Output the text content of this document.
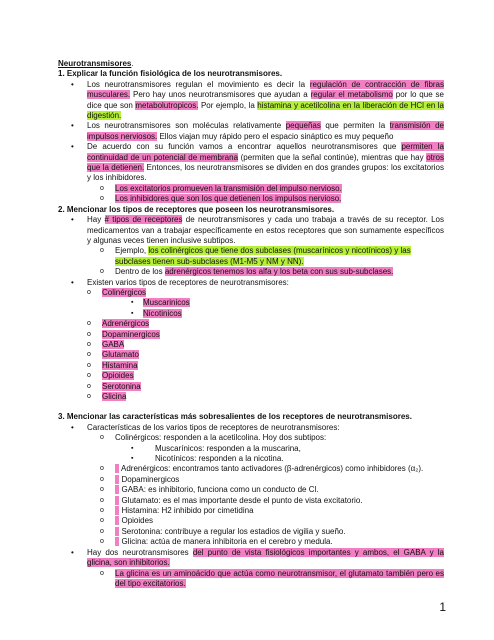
Neurotransmisores.
1. Explicar la función fisiológica de los neurotransmisores.
• Los neurotransmisores regulan el movimiento es decir la regulación de contracción de fibras musculares. Pero hay unos neurotransmisores que ayudan a regular el metabolismo por lo que se dice que son metabolutropicos. Por ejemplo, la histamina y acetilcolina en la liberación de HCl en la digestión.
• Los neurotransmisores son moléculas relativamente pequeñas que permiten la transmisión de impulsos nerviosos. Ellos viajan muy rápido pero el espacio sináptico es muy pequeño
• De acuerdo con su función vamos a encontrar aquellos neurotransmisores que permiten la continuidad de un potencial de membrana (permiten que la señal continúe), mientras que hay otros que la detienen. Entonces, los neurotransmisores se dividen en dos grandes grupos: los excitatorios y los inhibidores.
o Los excitatorios promueven la transmisión del impulso nervioso.
o Los inhibidores que son los que detienen los impulsos nervioso.
2. Mencionar los tipos de receptores que poseen los neurotransmisores.
• Hay # tipos de receptores de neurotransmisores y cada uno trabaja a través de su receptor. Los medicamentos van a trabajar específicamente en estos receptores que son sumamente específicos y algunas veces tienen inclusive subtipos.
o Ejemplo, los colinérgicos que tiene dos subclases (muscarínicos y nicotínicos) y las subclases tienen sub-subclases (M1-M5 y NM y NN).
o Dentro de los adrenérgicos tenemos los alfa y los beta con sus sub-subclases.
• Existen varios tipos de receptores de neurotransmisores:
o Colinérgicos
▪ Muscarinicos
▪ Nicotinicos
o Adrenérgicos
o Dopaminergicos
o GABA
o Glutamato
o Histamina
o Opioides
o Serotonina
o Glicina
3. Mencionar las características más sobresalientes de los receptores de neurotransmisores.
• Características de los varios tipos de receptores de neurotransmisores:
o Colinérgicos: responden a la acetilcolina. Hoy dos subtipos:
▪ Muscarínicos: responden a la muscarina,
▪ Nicotínicos: responden a la nicotina.
o Adrenérgicos: encontramos tanto activadores (β-adrenérgicos) como inhibidores (α₂).
o Dopaminergicos
o GABA: es inhibitorio, funciona como un conducto de Cl.
o Glutamato: es el mas importante desde el punto de vista excitatorio.
o Histamina: H2 inhibido por cimetidina
o Opioides
o Serotonina: contribuye a regular los estadios de vigilia y sueño.
o Glicina: actúa de manera inhibitoria en el cerebro y medula.
• Hay dos neurotransmisores del punto de vista fisiológicos importantes y ambos, el GABA y la glicina, son inhibitorios.
o La glicina es un aminoácido que actúa como neurotransmisor, el glutamato también pero es del tipo excitatorios.
1
